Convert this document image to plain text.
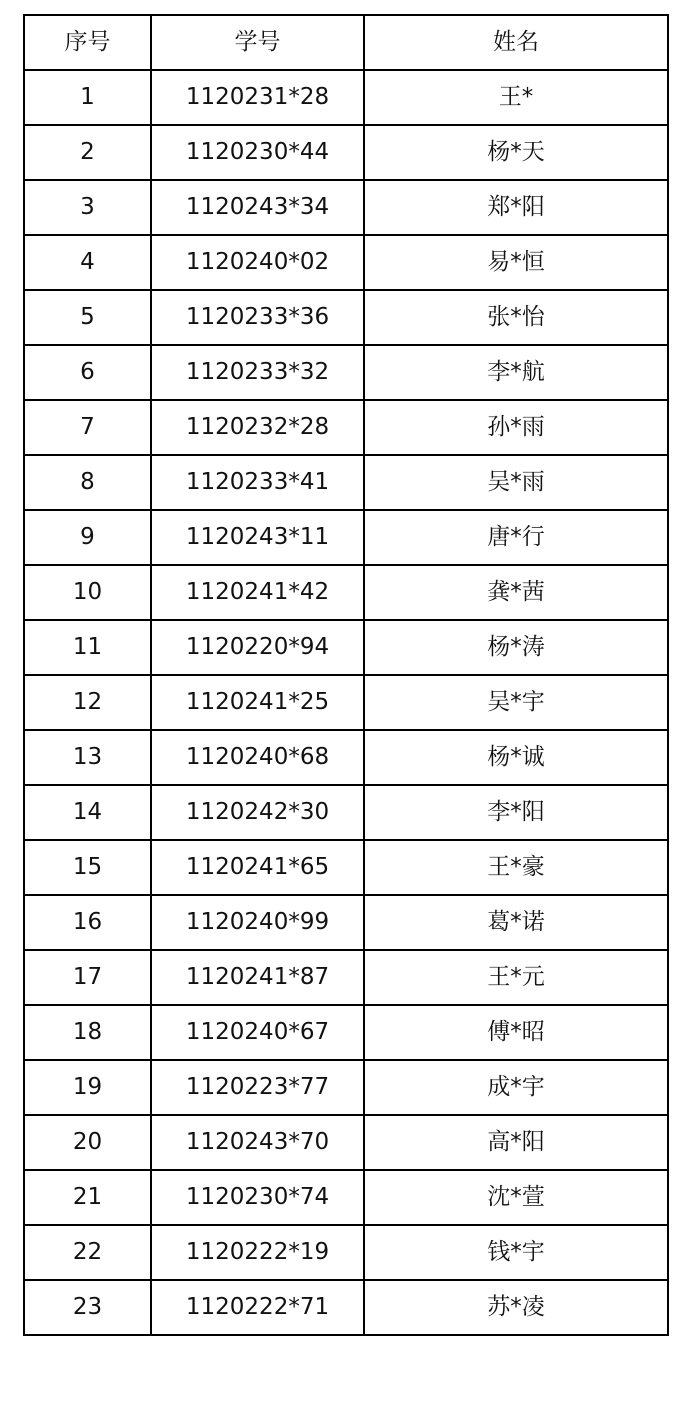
序号	学号	姓名
1	1120231*28	王*
2	1120230*44	杨*天
3	1120243*34	郑*阳
4	1120240*02	易*恒
5	1120233*36	张*怡
6	1120233*32	李*航
7	1120232*28	孙*雨
8	1120233*41	吴*雨
9	1120243*11	唐*行
10	1120241*42	龚*茜
11	1120220*94	杨*涛
12	1120241*25	吴*宇
13	1120240*68	杨*诚
14	1120242*30	李*阳
15	1120241*65	王*豪
16	1120240*99	葛*诺
17	1120241*87	王*元
18	1120240*67	傅*昭
19	1120223*77	成*宇
20	1120243*70	高*阳
21	1120230*74	沈*萱
22	1120222*19	钱*宇
23	1120222*71	苏*凌
